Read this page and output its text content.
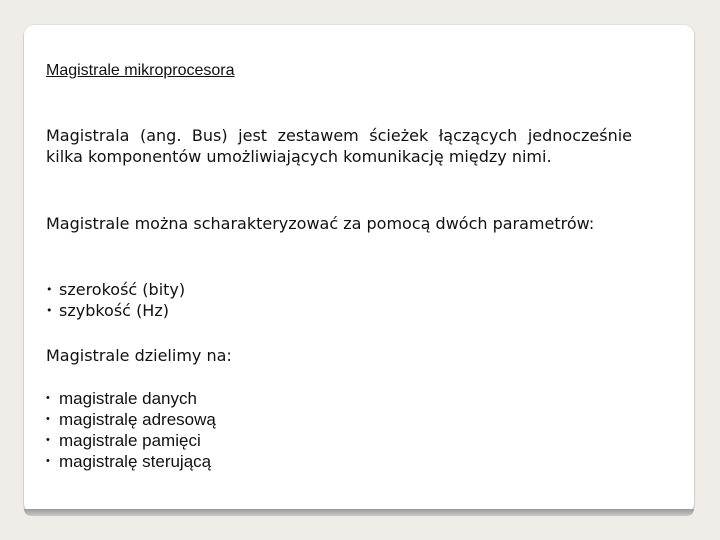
Magistrale mikroprocesora

Magistrala (ang. Bus) jest zestawem ścieżek łączących jednocześnie kilka komponentów umożliwiających komunikację między nimi.

Magistrale można scharakteryzować za pomocą dwóch parametrów:

• szerokość (bity)
• szybkość (Hz)

Magistrale dzielimy na:

• magistrale danych
• magistralę adresową
• magistrale pamięci
• magistralę sterującą
